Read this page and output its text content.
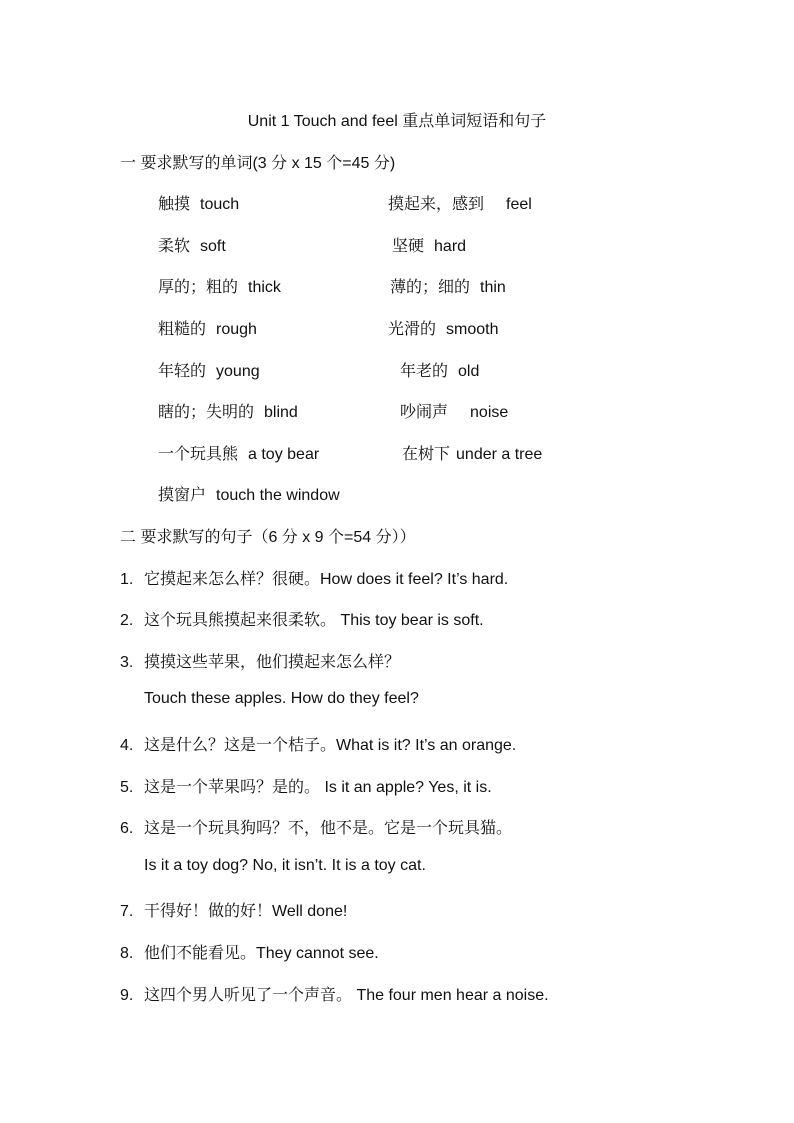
Unit 1 Touch and feel 重点单词短语和句子
一 要求默写的单词(3 分 x 15 个=45 分)
触摸 touch	摸起来，感到 feel
柔软 soft	坚硬 hard
厚的；粗的 thick	薄的；细的 thin
粗糙的 rough	光滑的 smooth
年轻的 young	年老的 old
瞎的；失明的 blind	吵闹声 noise
一个玩具熊 a toy bear	在树下 under a tree
摸窗户 touch the window
二 要求默写的句子（6 分 x 9 个=54 分））
1. 它摸起来怎么样？很硬。How does it feel? It’s hard.
2. 这个玩具熊摸起来很柔软。 This toy bear is soft.
3. 摸摸这些苹果，他们摸起来怎么样？
Touch these apples. How do they feel?
4. 这是什么？这是一个桔子。What is it? It’s an orange.
5. 这是一个苹果吗？是的。 Is it an apple? Yes, it is.
6. 这是一个玩具狗吗？不，他不是。它是一个玩具猫。
Is it a toy dog? No, it isn’t. It is a toy cat.
7. 干得好！做的好！Well done!
8. 他们不能看见。They cannot see.
9. 这四个男人听见了一个声音。 The four men hear a noise.
